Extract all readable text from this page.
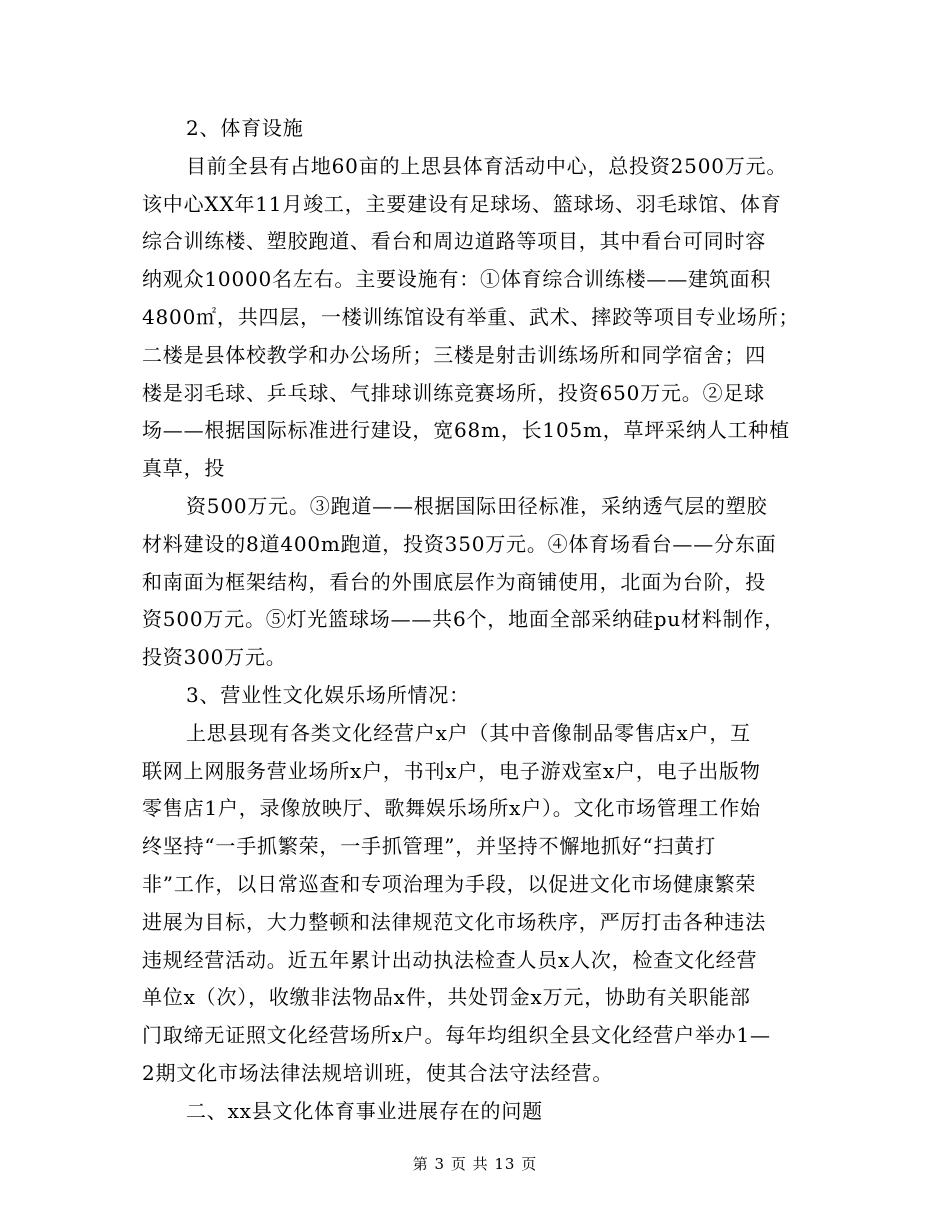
2、体育设施
目前全县有占地60亩的上思县体育活动中心，总投资2500万元。
该中心XX年11月竣工，主要建设有足球场、篮球场、羽毛球馆、体育
综合训练楼、塑胶跑道、看台和周边道路等项目，其中看台可同时容
纳观众10000名左右。主要设施有：①体育综合训练楼——建筑面积
4800㎡，共四层，一楼训练馆设有举重、武术、摔跤等项目专业场所；
二楼是县体校教学和办公场所；三楼是射击训练场所和同学宿舍；四
楼是羽毛球、乒乓球、气排球训练竞赛场所，投资650万元。②足球
场——根据国际标准进行建设，宽68m，长105m，草坪采纳人工种植
真草，投
资500万元。③跑道——根据国际田径标准，采纳透气层的塑胶
材料建设的8道400m跑道，投资350万元。④体育场看台——分东面
和南面为框架结构，看台的外围底层作为商铺使用，北面为台阶，投
资500万元。⑤灯光篮球场——共6个，地面全部采纳硅pu材料制作，
投资300万元。
3、营业性文化娱乐场所情况：
上思县现有各类文化经营户x户（其中音像制品零售店x户，互
联网上网服务营业场所x户，书刊x户，电子游戏室x户，电子出版物
零售店1户，录像放映厅、歌舞娱乐场所x户）。文化市场管理工作始
终坚持“一手抓繁荣，一手抓管理”，并坚持不懈地抓好“扫黄打
非”工作，以日常巡查和专项治理为手段，以促进文化市场健康繁荣
进展为目标，大力整顿和法律规范文化市场秩序，严厉打击各种违法
违规经营活动。近五年累计出动执法检查人员x人次，检查文化经营
单位x（次），收缴非法物品x件，共处罚金x万元，协助有关职能部
门取缔无证照文化经营场所x户。每年均组织全县文化经营户举办1—
2期文化市场法律法规培训班，使其合法守法经营。
二、xx县文化体育事业进展存在的问题
第 3 页 共 13 页
